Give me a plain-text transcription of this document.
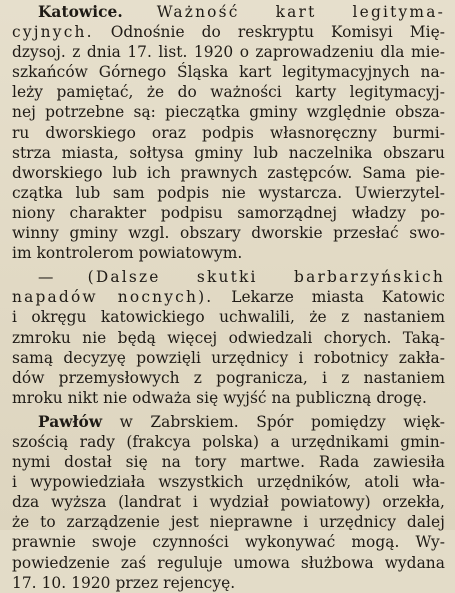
Katowice. Ważność kart legityma-
cyjnych. Odnośnie do reskryptu Komisyi Mię-
dzysoj. z dnia 17. list. 1920 o zaprowadzeniu dla mie-
szkańców Górnego Śląska kart legitymacyjnych na-
leży pamiętać, że do ważności karty legitymacyj-
nej potrzebne są: pieczątka gminy względnie obsza-
ru dworskiego oraz podpis własnoręczny burmi-
strza miasta, sołtysa gminy lub naczelnika obszaru
dworskiego lub ich prawnych zastępców. Sama pie-
czątka lub sam podpis nie wystarcza. Uwierzytel-
niony charakter podpisu samorządnej władzy po-
winny gminy wzgl. obszary dworskie przesłać swo-
im kontrolerom powiatowym.
— (Dalsze skutki barbarzyńskich
napadów nocnych). Lekarze miasta Katowic
i okręgu katowickiego uchwalili, że z nastaniem
zmroku nie będą więcej odwiedzali chorych. Taką-
samą decyzyę powzięli urzędnicy i robotnicy zakła-
dów przemysłowych z pogranicza, i z nastaniem
mroku nikt nie odważa się wyjść na publiczną drogę.
Pawłów w Zabrskiem. Spór pomiędzy więk-
szością rady (frakcya polska) a urzędnikami gmin-
nymi dostał się na tory martwe. Rada zawiesiła
i wypowiedziała wszystkich urzędników, atoli wła-
dza wyższa (landrat i wydział powiatowy) orzekła,
że to zarządzenie jest nieprawne i urzędnicy dalej
prawnie swoje czynności wykonywać mogą. Wy-
powiedzenie zaś reguluje umowa służbowa wydana
17. 10. 1920 przez rejencyę.
